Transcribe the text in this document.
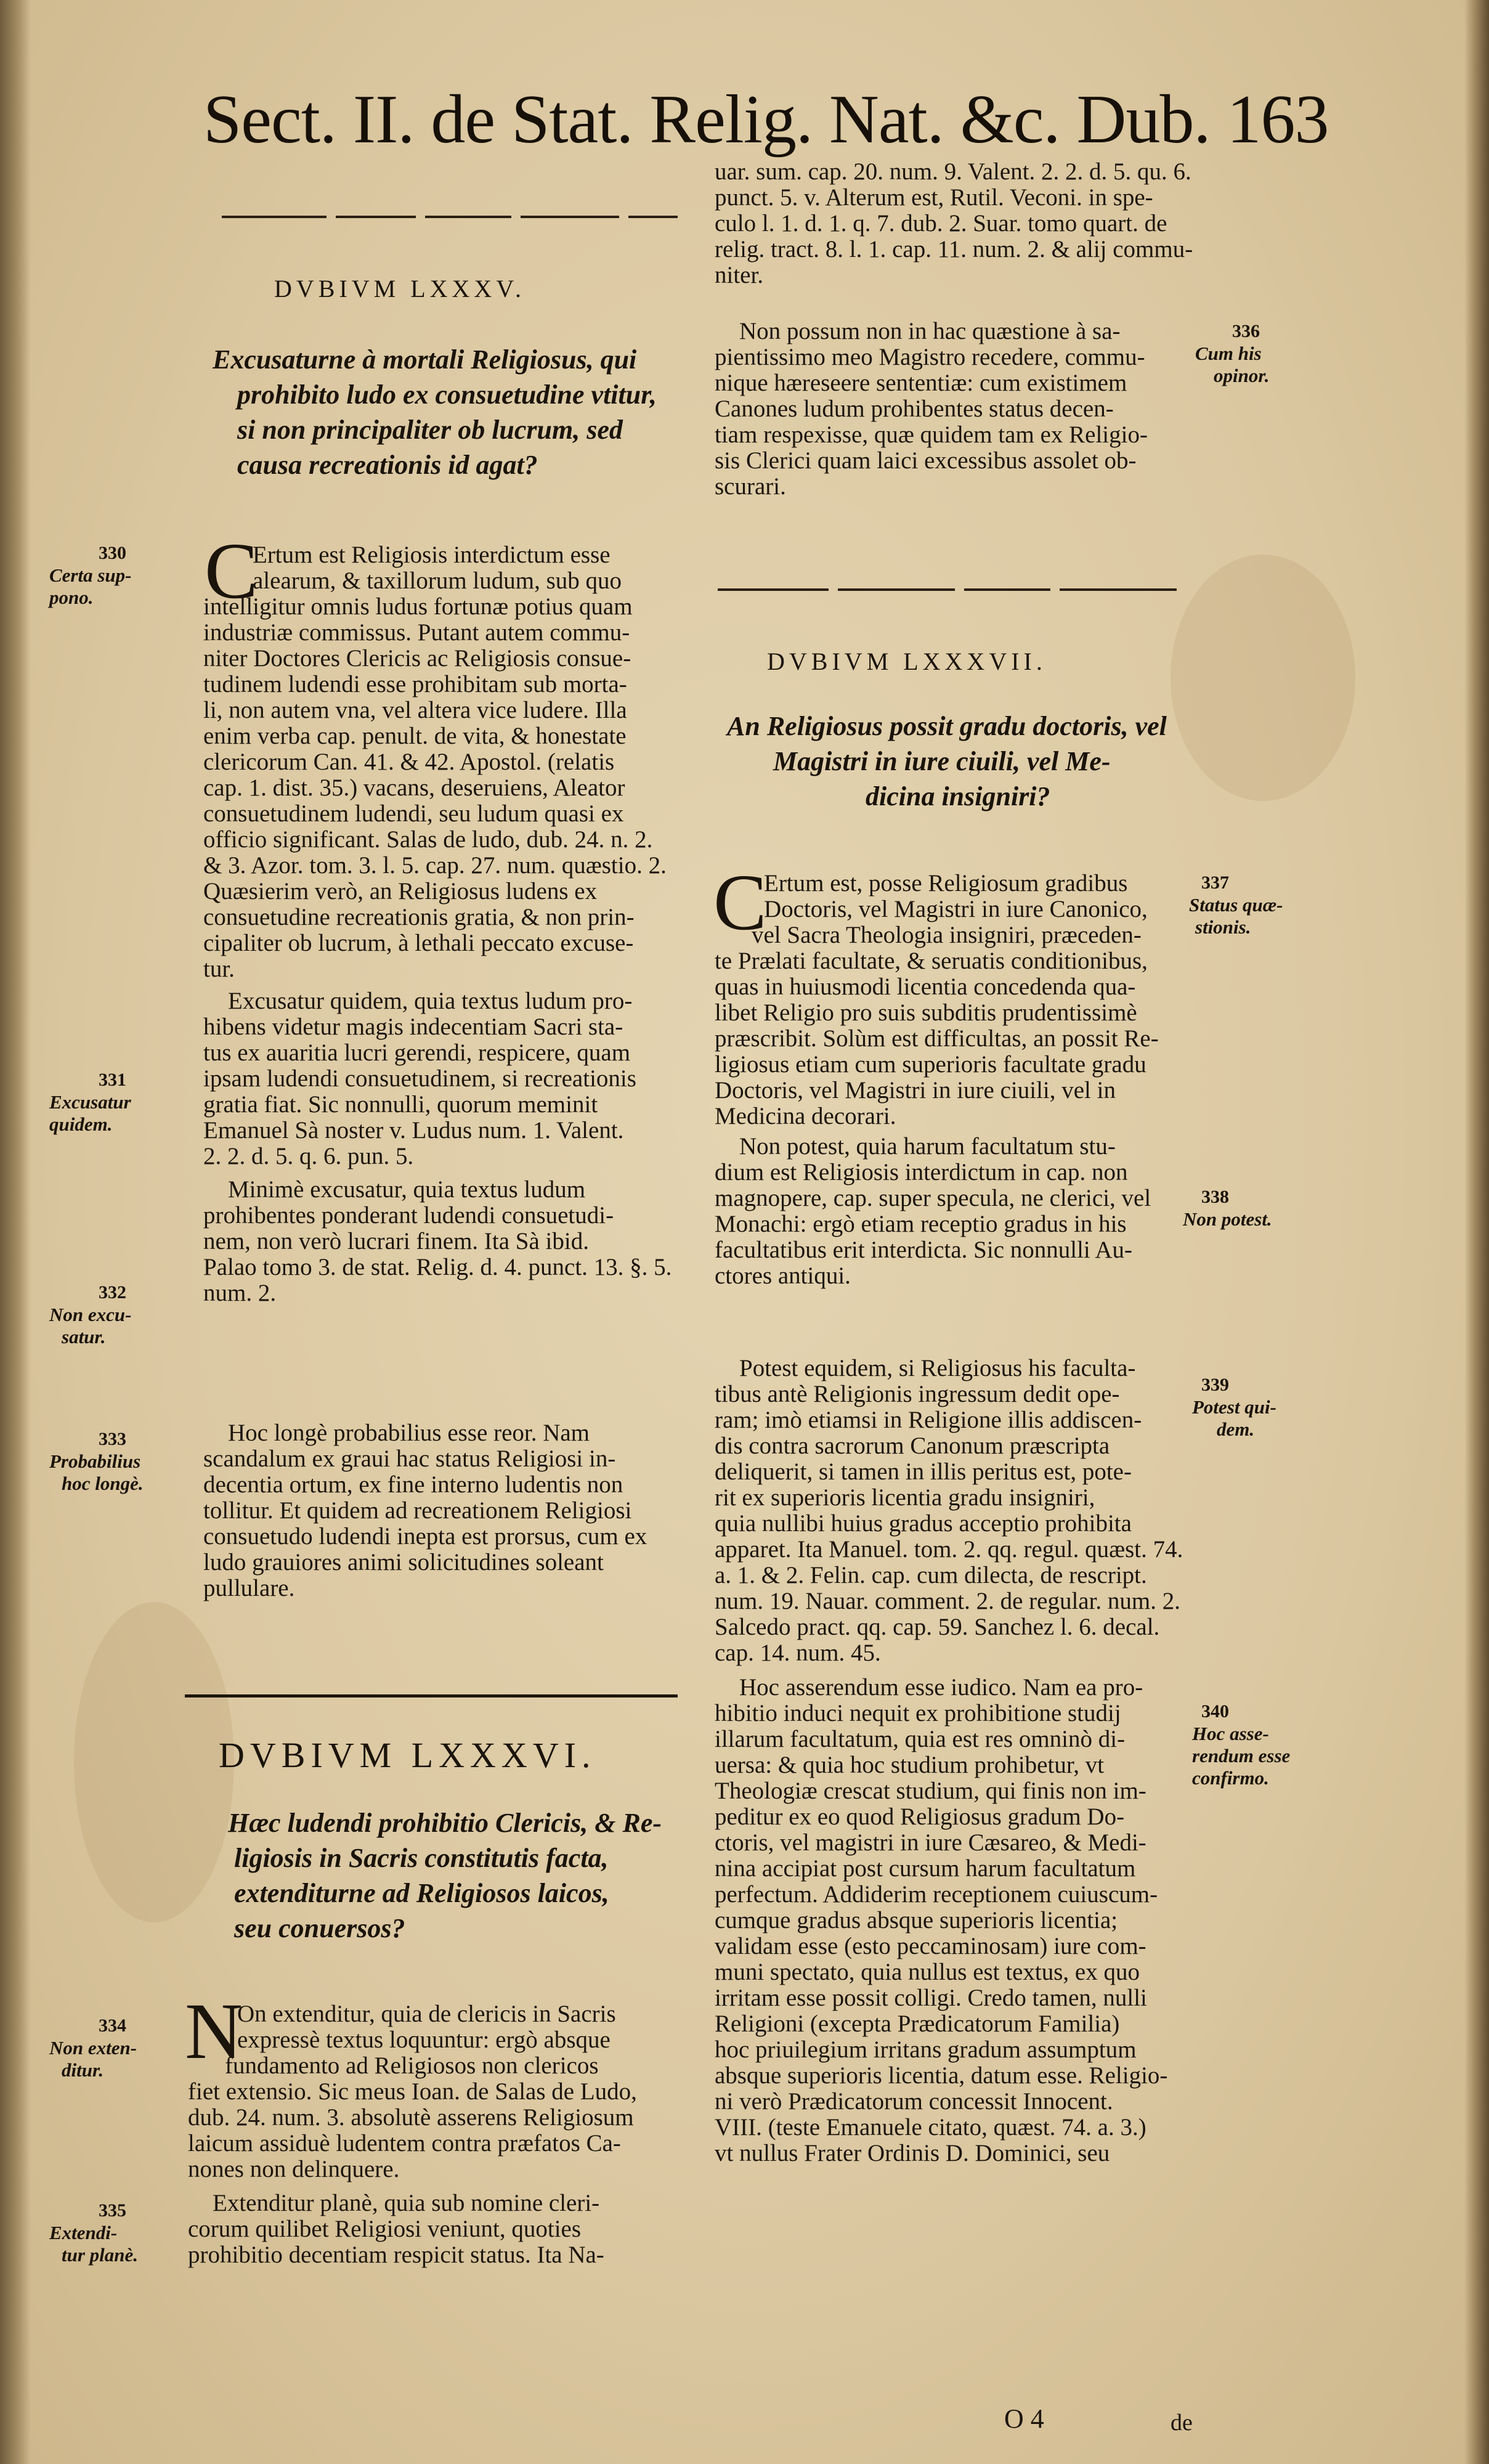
Sect. II. de Stat. Relig. Nat. &c. Dub. 163
DVBIVM LXXXV.
Excusaturne à mortali Religiosus, qui
prohibito ludo ex consuetudine vtitur,
si non principaliter ob lucrum, sed
causa recreationis id agat?
C
Ertum est Religiosis interdictum esse
alearum, & taxillorum ludum, sub quo
intelligitur omnis ludus fortunæ potius quam
industriæ commissus. Putant autem commu-
niter Doctores Clericis ac Religiosis consue-
tudinem ludendi esse prohibitam sub morta-
li, non autem vna, vel altera vice ludere. Illa
enim verba cap. penult. de vita, & honestate
clericorum Can. 41. & 42. Apostol. (relatis
cap. 1. dist. 35.) vacans, deseruiens, Aleator
consuetudinem ludendi, seu ludum quasi ex
officio significant. Salas de ludo, dub. 24. n. 2.
& 3. Azor. tom. 3. l. 5. cap. 27. num. quæstio. 2.
Quæsierim verò, an Religiosus ludens ex
consuetudine recreationis gratia, & non prin-
cipaliter ob lucrum, à lethali peccato excuse-
tur.
Excusatur quidem, quia textus ludum pro-
hibens videtur magis indecentiam Sacri sta-
tus ex auaritia lucri gerendi, respicere, quam
ipsam ludendi consuetudinem, si recreationis
gratia fiat. Sic nonnulli, quorum meminit
Emanuel Sà noster v. Ludus num. 1. Valent.
2. 2. d. 5. q. 6. pun. 5.
Minimè excusatur, quia textus ludum
prohibentes ponderant ludendi consuetudi-
nem, non verò lucrari finem. Ita Sà ibid.
Palao tomo 3. de stat. Relig. d. 4. punct. 13. §. 5.
num. 2.
Hoc longè probabilius esse reor. Nam
scandalum ex graui hac status Religiosi in-
decentia ortum, ex fine interno ludentis non
tollitur. Et quidem ad recreationem Religiosi
consuetudo ludendi inepta est prorsus, cum ex
ludo grauiores animi solicitudines soleant
pullulare.
330
Certa sup-
pono.
331
Excusatur
quidem.
332
Non excu-
satur.
333
Probabilius
hoc longè.
DVBIVM LXXXVI.
Hæc ludendi prohibitio Clericis, & Re-
ligiosis in Sacris constitutis facta,
extenditurne ad Religiosos laicos,
seu conuersos?
N
On extenditur, quia de clericis in Sacris
expressè textus loquuntur: ergò absque
fundamento ad Religiosos non clericos
fiet extensio. Sic meus Ioan. de Salas de Ludo,
dub. 24. num. 3. absolutè asserens Religiosum
laicum assiduè ludentem contra præfatos Ca-
nones non delinquere.
Extenditur planè, quia sub nomine cleri-
corum quilibet Religiosi veniunt, quoties
prohibitio decentiam respicit status. Ita Na-
334
Non exten-
ditur.
335
Extendi-
tur planè.
uar. sum. cap. 20. num. 9. Valent. 2. 2. d. 5. qu. 6.
punct. 5. v. Alterum est, Rutil. Veconi. in spe-
culo l. 1. d. 1. q. 7. dub. 2. Suar. tomo quart. de
relig. tract. 8. l. 1. cap. 11. num. 2. & alij commu-
niter.
Non possum non in hac quæstione à sa-
pientissimo meo Magistro recedere, commu-
nique hæreseere sententiæ: cum existimem
Canones ludum prohibentes status decen-
tiam respexisse, quæ quidem tam ex Religio-
sis Clerici quam laici excessibus assolet ob-
scurari.
336
Cum his
opinor.
DVBIVM LXXXVII.
An Religiosus possit gradu doctoris, vel
Magistri in iure ciuili, vel Me-
dicina insigniri?
C
Ertum est, posse Religiosum gradibus
Doctoris, vel Magistri in iure Canonico,
vel Sacra Theologia insigniri, præceden-
te Prælati facultate, & seruatis conditionibus,
quas in huiusmodi licentia concedenda qua-
libet Religio pro suis subditis prudentissimè
præscribit. Solùm est difficultas, an possit Re-
ligiosus etiam cum superioris facultate gradu
Doctoris, vel Magistri in iure ciuili, vel in
Medicina decorari.
Non potest, quia harum facultatum stu-
dium est Religiosis interdictum in cap. non
magnopere, cap. super specula, ne clerici, vel
Monachi: ergò etiam receptio gradus in his
facultatibus erit interdicta. Sic nonnulli Au-
ctores antiqui.
Potest equidem, si Religiosus his faculta-
tibus antè Religionis ingressum dedit ope-
ram; imò etiamsi in Religione illis addiscen-
dis contra sacrorum Canonum præscripta
deliquerit, si tamen in illis peritus est, pote-
rit ex superioris licentia gradu insigniri,
quia nullibi huius gradus acceptio prohibita
apparet. Ita Manuel. tom. 2. qq. regul. quæst. 74.
a. 1. & 2. Felin. cap. cum dilecta, de rescript.
num. 19. Nauar. comment. 2. de regular. num. 2.
Salcedo pract. qq. cap. 59. Sanchez l. 6. decal.
cap. 14. num. 45.
Hoc asserendum esse iudico. Nam ea pro-
hibitio induci nequit ex prohibitione studij
illarum facultatum, quia est res omninò di-
uersa: & quia hoc studium prohibetur, vt
Theologiæ crescat studium, qui finis non im-
peditur ex eo quod Religiosus gradum Do-
ctoris, vel magistri in iure Cæsareo, & Medi-
nina accipiat post cursum harum facultatum
perfectum. Addiderim receptionem cuiuscum-
cumque gradus absque superioris licentia;
validam esse (esto peccaminosam) iure com-
muni spectato, quia nullus est textus, ex quo
irritam esse possit colligi. Credo tamen, nulli
Religioni (excepta Prædicatorum Familia)
hoc priuilegium irritans gradum assumptum
absque superioris licentia, datum esse. Religio-
ni verò Prædicatorum concessit Innocent.
VIII. (teste Emanuele citato, quæst. 74. a. 3.)
vt nullus Frater Ordinis D. Dominici, seu
337
Status quæ-
stionis.
338
Non potest.
339
Potest qui-
dem.
340
Hoc asse-
rendum esse
confirmo.
O 4	de
